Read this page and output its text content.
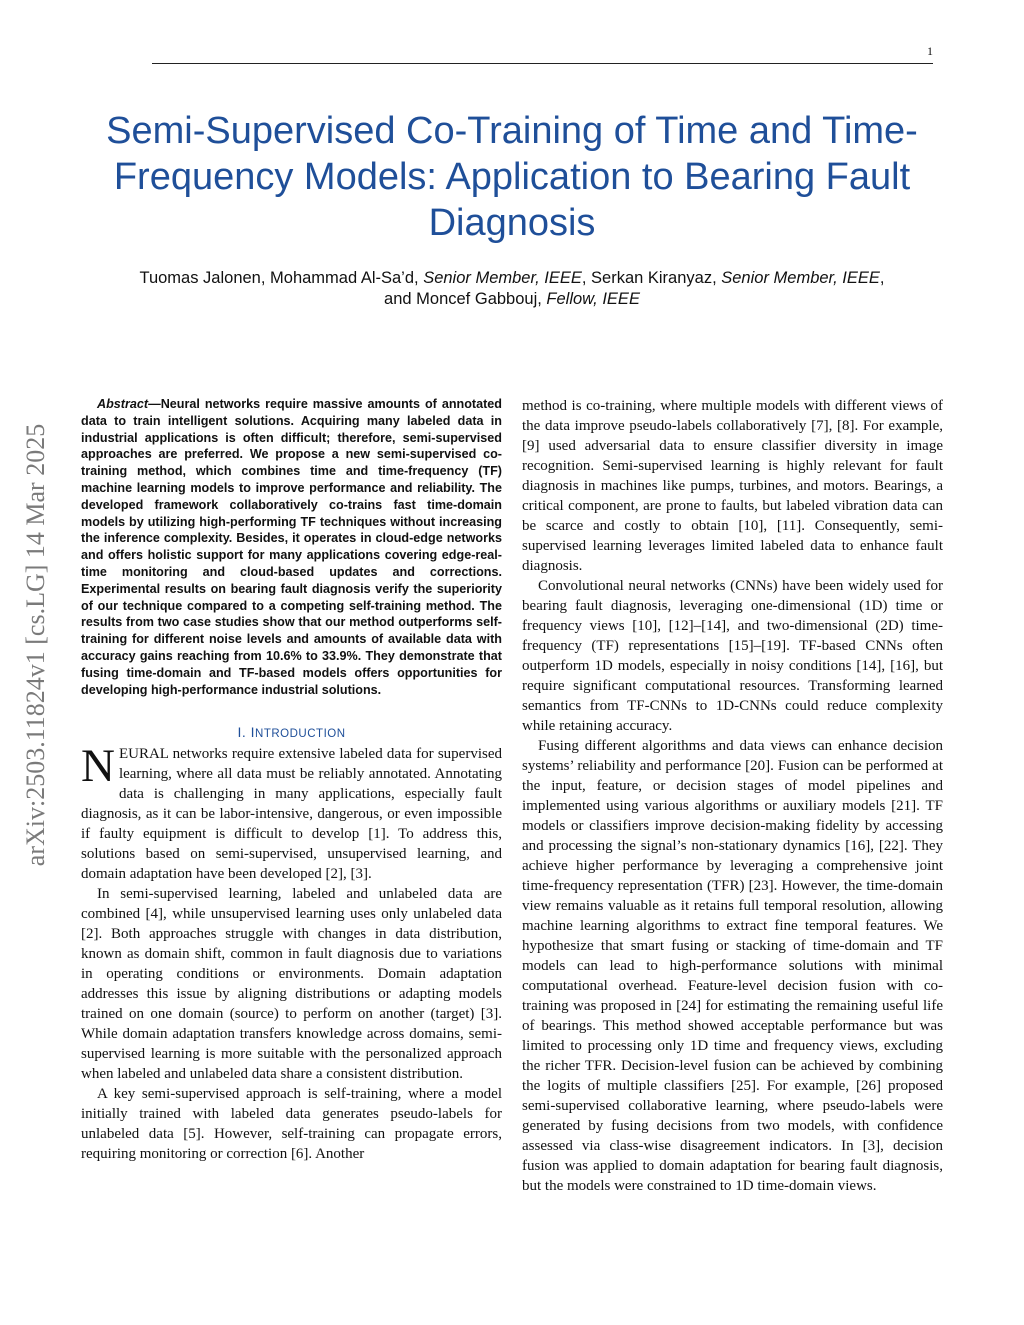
1
arXiv:2503.11824v1 [cs.LG] 14 Mar 2025
Semi-Supervised Co-Training of Time and Time-Frequency Models: Application to Bearing Fault Diagnosis
Tuomas Jalonen, Mohammad Al-Sa’d, Senior Member, IEEE, Serkan Kiranyaz, Senior Member, IEEE,
and Moncef Gabbouj, Fellow, IEEE

Abstract—Neural networks require massive amounts of annotated data to train intelligent solutions. Acquiring many labeled data in industrial applications is often difficult; therefore, semi-supervised approaches are preferred. We propose a new semi-supervised co-training method, which combines time and time-frequency (TF) machine learning models to improve performance and reliability. The developed framework collaboratively co-trains fast time-domain models by utilizing high-performing TF techniques without increasing the inference complexity. Besides, it operates in cloud-edge networks and offers holistic support for many applications covering edge-real-time monitoring and cloud-based updates and corrections. Experimental results on bearing fault diagnosis verify the superiority of our technique compared to a competing self-training method. The results from two case studies show that our method outperforms self-training for different noise levels and amounts of available data with accuracy gains reaching from 10.6% to 33.9%. They demonstrate that fusing time-domain and TF-based models offers opportunities for developing high-performance industrial solutions.

I. INTRODUCTION

NEURAL networks require extensive labeled data for supervised learning, where all data must be reliably annotated. Annotating data is challenging in many applications, especially fault diagnosis, as it can be labor-intensive, dangerous, or even impossible if faulty equipment is difficult to develop [1]. To address this, solutions based on semi-supervised, unsupervised learning, and domain adaptation have been developed [2], [3].

In semi-supervised learning, labeled and unlabeled data are combined [4], while unsupervised learning uses only unlabeled data [2]. Both approaches struggle with changes in data distribution, known as domain shift, common in fault diagnosis due to variations in operating conditions or environments. Domain adaptation addresses this issue by aligning distributions or adapting models trained on one domain (source) to perform on another (target) [3]. While domain adaptation transfers knowledge across domains, semi-supervised learning is more suitable with the personalized approach when labeled and unlabeled data share a consistent distribution.

A key semi-supervised approach is self-training, where a model initially trained with labeled data generates pseudo-labels for unlabeled data [5]. However, self-training can propagate errors, requiring monitoring or correction [6]. Another

method is co-training, where multiple models with different views of the data improve pseudo-labels collaboratively [7], [8]. For example, [9] used adversarial data to ensure classifier diversity in image recognition. Semi-supervised learning is highly relevant for fault diagnosis in machines like pumps, turbines, and motors. Bearings, a critical component, are prone to faults, but labeled vibration data can be scarce and costly to obtain [10], [11]. Consequently, semi-supervised learning leverages limited labeled data to enhance fault diagnosis.

Convolutional neural networks (CNNs) have been widely used for bearing fault diagnosis, leveraging one-dimensional (1D) time or frequency views [10], [12]–[14], and two-dimensional (2D) time-frequency (TF) representations [15]–[19]. TF-based CNNs often outperform 1D models, especially in noisy conditions [14], [16], but require significant computational resources. Transforming learned semantics from TF-CNNs to 1D-CNNs could reduce complexity while retaining accuracy.

Fusing different algorithms and data views can enhance decision systems’ reliability and performance [20]. Fusion can be performed at the input, feature, or decision stages of model pipelines and implemented using various algorithms or auxiliary models [21]. TF models or classifiers improve decision-making fidelity by accessing and processing the signal’s non-stationary dynamics [16], [22]. They achieve higher performance by leveraging a comprehensive joint time-frequency representation (TFR) [23]. However, the time-domain view remains valuable as it retains full temporal resolution, allowing machine learning algorithms to extract fine temporal features. We hypothesize that smart fusing or stacking of time-domain and TF models can lead to high-performance solutions with minimal computational overhead. Feature-level decision fusion with co-training was proposed in [24] for estimating the remaining useful life of bearings. This method showed acceptable performance but was limited to processing only 1D time and frequency views, excluding the richer TFR. Decision-level fusion can be achieved by combining the logits of multiple classifiers [25]. For example, [26] proposed semi-supervised collaborative learning, where pseudo-labels were generated by fusing decisions from two models, with confidence assessed via class-wise disagreement indicators. In [3], decision fusion was applied to domain adaptation for bearing fault diagnosis, but the models were constrained to 1D time-domain views.
